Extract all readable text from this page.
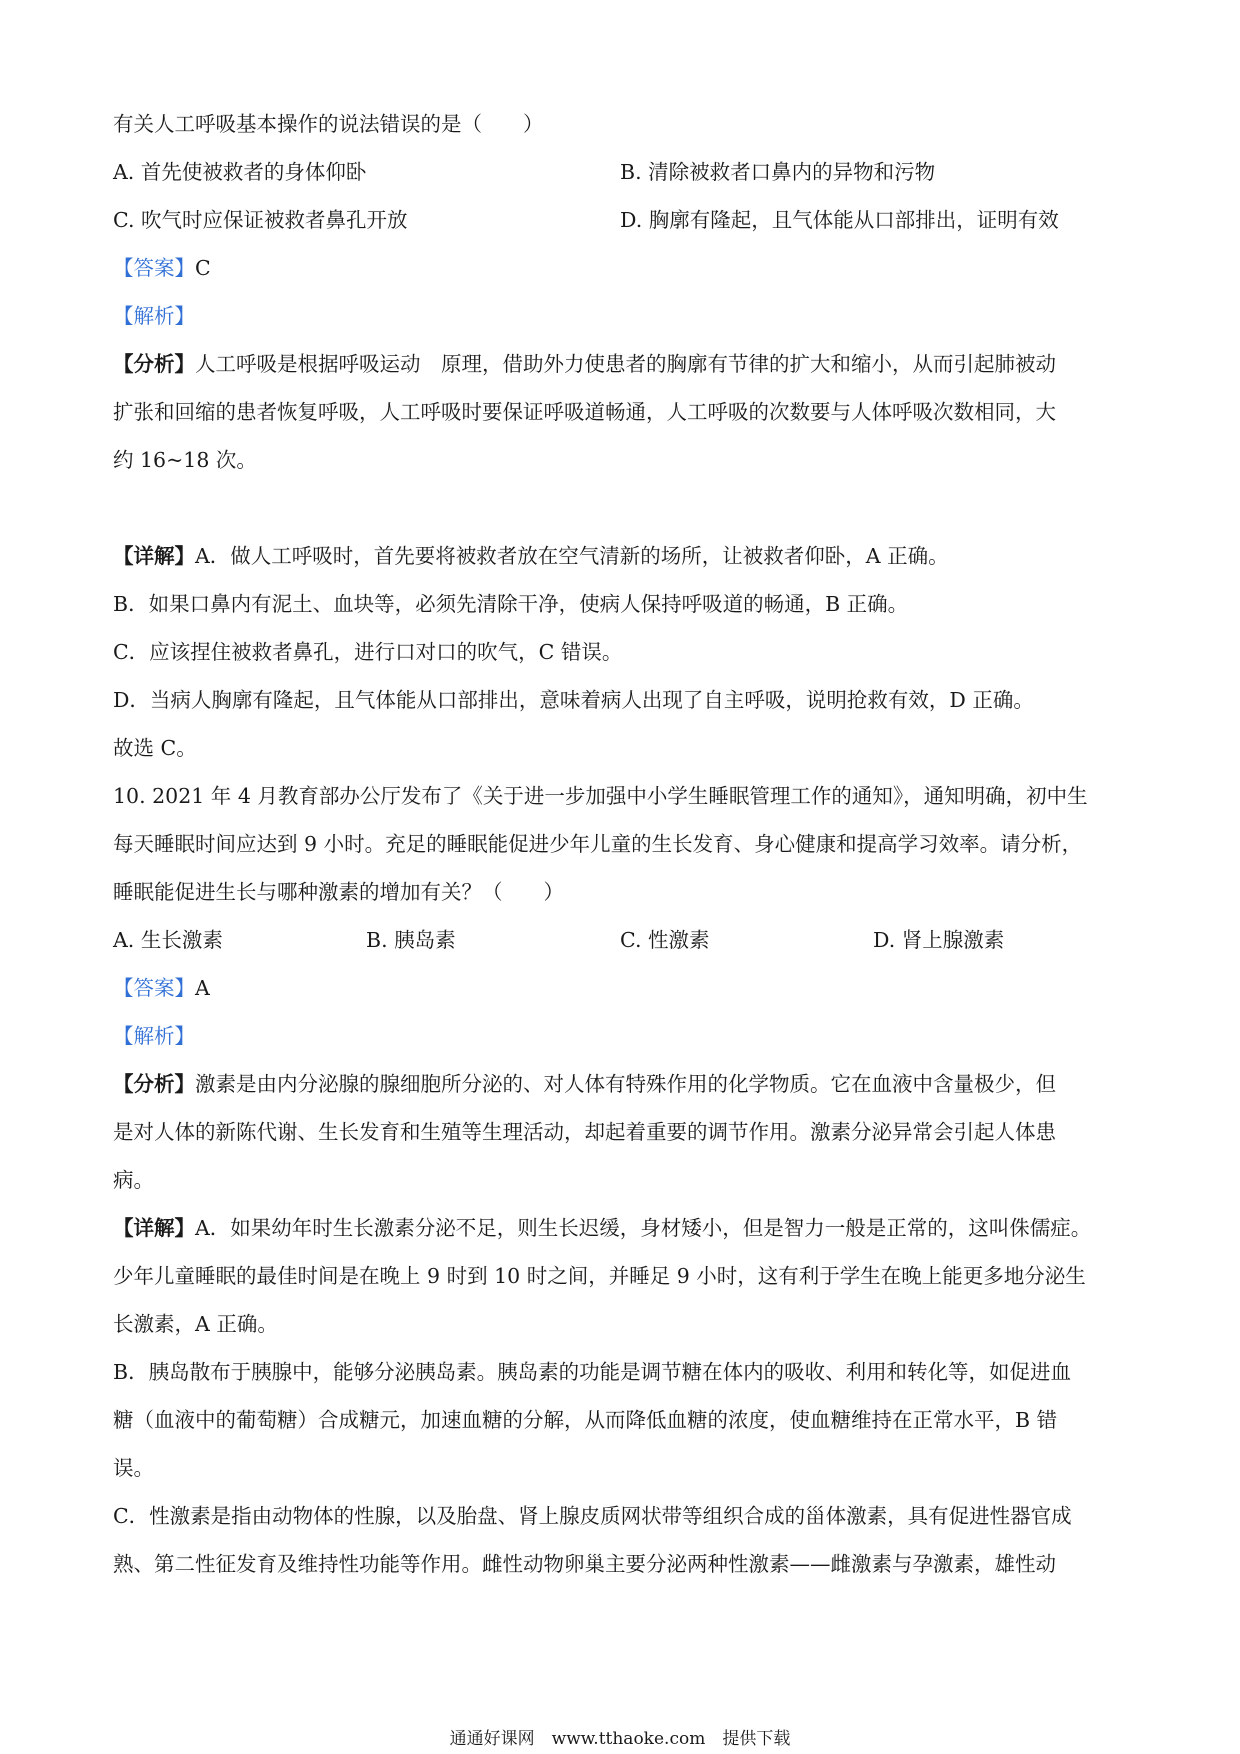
有关人工呼吸基本操作的说法错误的是（　　）
A. 首先使被救者的身体仰卧	B. 清除被救者口鼻内的异物和污物
C. 吹气时应保证被救者鼻孔开放	D. 胸廓有隆起，且气体能从口部排出，证明有效
【答案】C
【解析】
【分析】人工呼吸是根据呼吸运动　原理，借助外力使患者的胸廓有节律的扩大和缩小，从而引起肺被动
扩张和回缩的患者恢复呼吸，人工呼吸时要保证呼吸道畅通，人工呼吸的次数要与人体呼吸次数相同，大
约 16~18 次。
【详解】A．做人工呼吸时，首先要将被救者放在空气清新的场所，让被救者仰卧，A 正确。
B．如果口鼻内有泥土、血块等，必须先清除干净，使病人保持呼吸道的畅通，B 正确。
C．应该捏住被救者鼻孔，进行口对口的吹气，C 错误。
D．当病人胸廓有隆起，且气体能从口部排出，意味着病人出现了自主呼吸，说明抢救有效，D 正确。
故选 C。
10. 2021 年 4 月教育部办公厅发布了《关于进一步加强中小学生睡眠管理工作的通知》，通知明确，初中生
每天睡眠时间应达到 9 小时。充足的睡眠能促进少年儿童的生长发育、身心健康和提高学习效率。请分析，
睡眠能促进生长与哪种激素的增加有关？（　　）
A. 生长激素	B. 胰岛素	C. 性激素	D. 肾上腺激素
【答案】A
【解析】
【分析】激素是由内分泌腺的腺细胞所分泌的、对人体有特殊作用的化学物质。它在血液中含量极少，但
是对人体的新陈代谢、生长发育和生殖等生理活动，却起着重要的调节作用。激素分泌异常会引起人体患
病。
【详解】A．如果幼年时生长激素分泌不足，则生长迟缓，身材矮小，但是智力一般是正常的，这叫侏儒症。
少年儿童睡眠的最佳时间是在晚上 9 时到 10 时之间，并睡足 9 小时，这有利于学生在晚上能更多地分泌生
长激素，A 正确。
B．胰岛散布于胰腺中，能够分泌胰岛素。胰岛素的功能是调节糖在体内的吸收、利用和转化等，如促进血
糖（血液中的葡萄糖）合成糖元，加速血糖的分解，从而降低血糖的浓度，使血糖维持在正常水平，B 错
误。
C．性激素是指由动物体的性腺，以及胎盘、肾上腺皮质网状带等组织合成的甾体激素，具有促进性器官成
熟、第二性征发育及维持性功能等作用。雌性动物卵巢主要分泌两种性激素——雌激素与孕激素，雄性动
通通好课网　www.tthaoke.com　提供下载
